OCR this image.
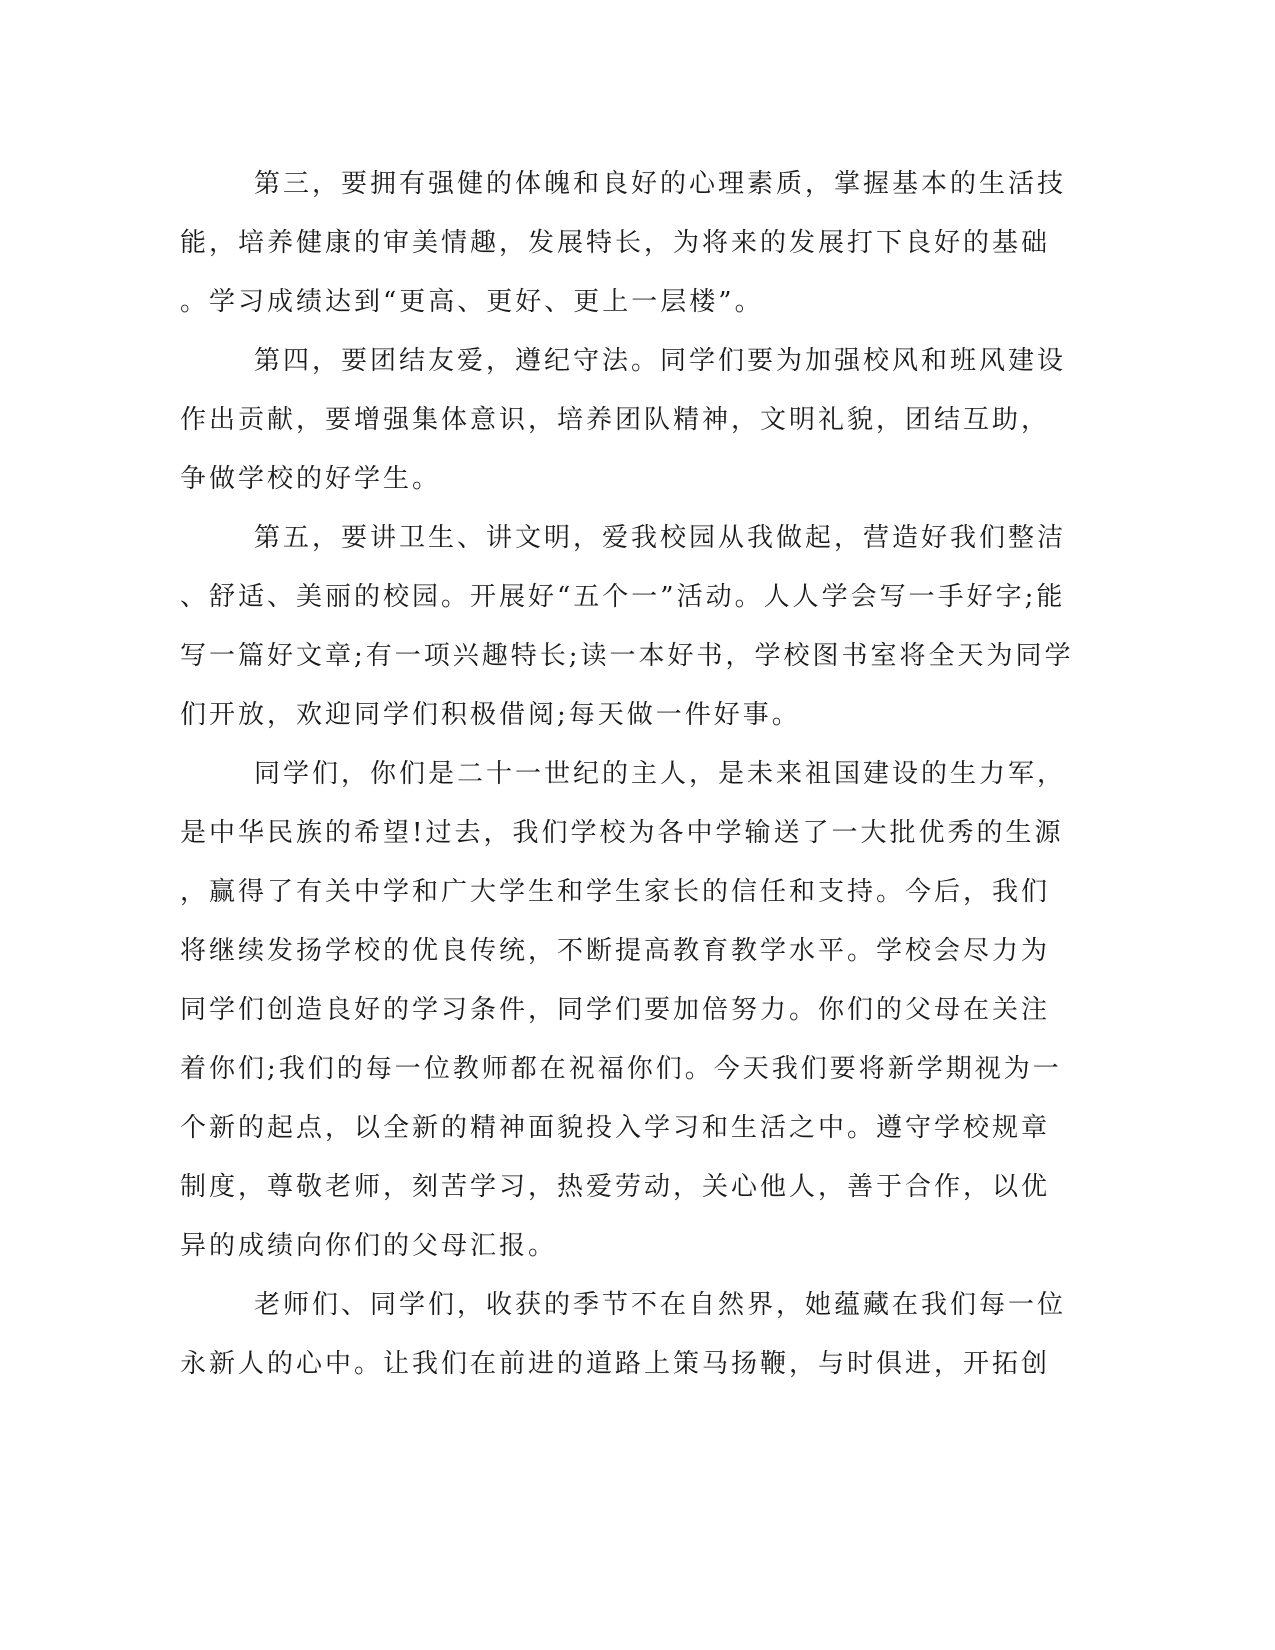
第三，要拥有强健的体魄和良好的心理素质，掌握基本的生活技
能，培养健康的审美情趣，发展特长，为将来的发展打下良好的基础
。学习成绩达到“更高、更好、更上一层楼”。
第四，要团结友爱，遵纪守法。同学们要为加强校风和班风建设
作出贡献，要增强集体意识，培养团队精神，文明礼貌，团结互助，
争做学校的好学生。
第五，要讲卫生、讲文明，爱我校园从我做起，营造好我们整洁
、舒适、美丽的校园。开展好“五个一”活动。人人学会写一手好字;能
写一篇好文章;有一项兴趣特长;读一本好书，学校图书室将全天为同学
们开放，欢迎同学们积极借阅;每天做一件好事。
同学们，你们是二十一世纪的主人，是未来祖国建设的生力军，
是中华民族的希望!过去，我们学校为各中学输送了一大批优秀的生源
，赢得了有关中学和广大学生和学生家长的信任和支持。今后，我们
将继续发扬学校的优良传统，不断提高教育教学水平。学校会尽力为
同学们创造良好的学习条件，同学们要加倍努力。你们的父母在关注
着你们;我们的每一位教师都在祝福你们。今天我们要将新学期视为一
个新的起点，以全新的精神面貌投入学习和生活之中。遵守学校规章
制度，尊敬老师，刻苦学习，热爱劳动，关心他人，善于合作，以优
异的成绩向你们的父母汇报。
老师们、同学们，收获的季节不在自然界，她蕴藏在我们每一位
永新人的心中。让我们在前进的道路上策马扬鞭，与时俱进，开拓创
